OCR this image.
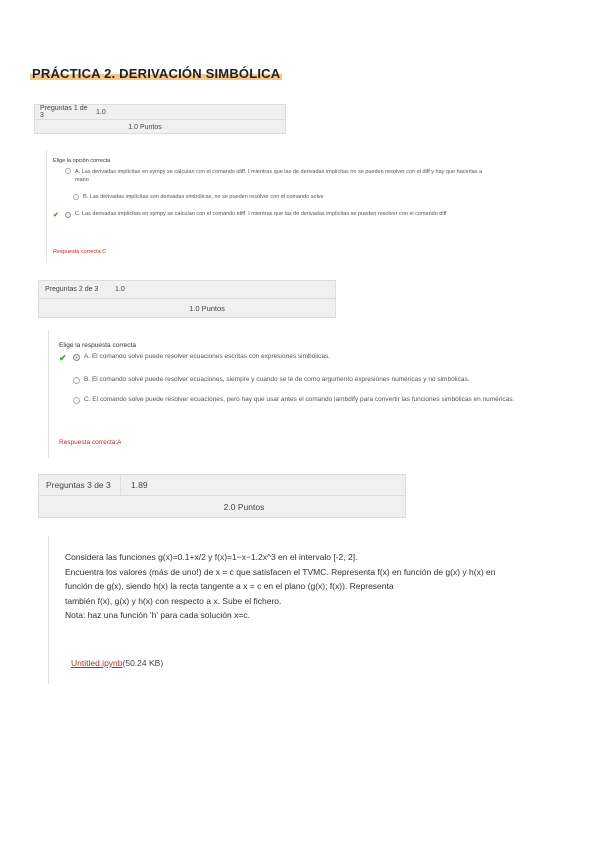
PRÁCTICA 2. DERIVACIÓN SIMBÓLICA
Preguntas 1 de 3	1.0
1.0 Puntos
Elige la opción correcta
A. Las derivadas implícitas en sympy se calculan con el comando idiff. I mientras que las de derivadas implícitas no se pueden resolver con el diff y hay que hacerlas a mano
B. Las derivadas implícitas son derivadas simbólicas, no se pueden resolver con el comando solve
✔	C. Las derivadas implícitas en sympy se calculan con el comando idiff. I mientras que las de derivadas implícitas se pueden resolver con el comando diff
Respuesta correcta:C
Preguntas 2 de 3	1.0
1.0 Puntos
Elige la respuesta correcta
✔	A. El comando solve puede resolver ecuaciones escritas con expresiones simbólicas.
B. El comando solve puede resolver ecuaciones, siempre y cuando se le de como argumento expresiones numéricas y no simbólicas.
C. El comando solve puede resolver ecuaciones, pero hay que usar antes el comando lambdify para convertir las funciones simbólicas en numéricas.
Respuesta correcta:A
Preguntas 3 de 3	1.89
2.0 Puntos
Considera las funciones g(x)=0.1+x/2 y f(x)=1−x−1.2x^3 en el intervalo [-2, 2].
Encuentra los valores (más de uno!) de x = c que satisfacen el TVMC. Representa f(x) en función de g(x) y h(x) en
función de g(x), siendo h(x) la recta tangente a x = c en el plano (g(x); f(x)). Representa
también f(x), g(x) y h(x) con respecto a x. Sube el fichero.
Nota: haz una función 'h' para cada solución x=c.
Untitled.ipynb(50.24 KB)
